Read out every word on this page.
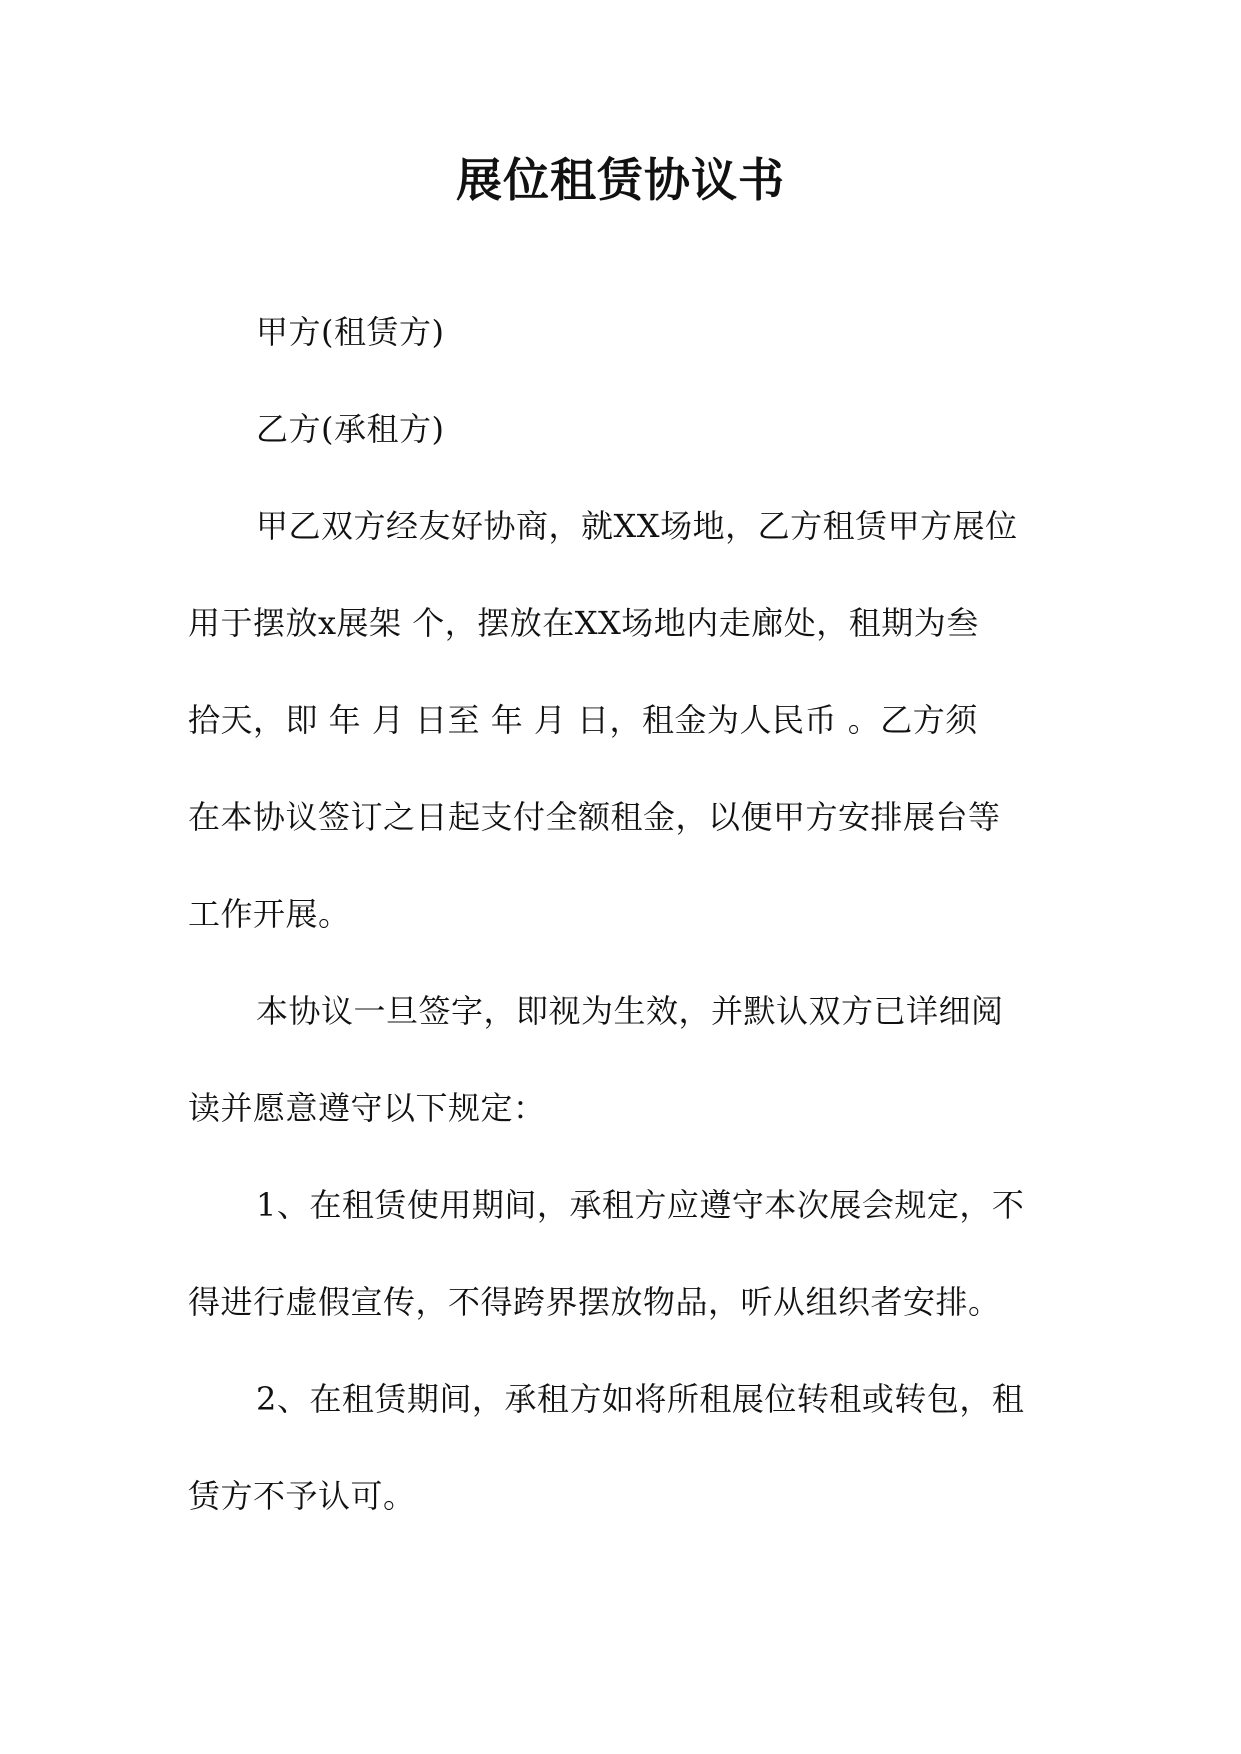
展位租赁协议书
甲方(租赁方)
乙方(承租方)
甲乙双方经友好协商，就XX场地，乙方租赁甲方展位
用于摆放x展架 个，摆放在XX场地内走廊处，租期为叁
拾天，即 年 月 日至 年 月 日，租金为人民币 。乙方须
在本协议签订之日起支付全额租金，以便甲方安排展台等
工作开展。
本协议一旦签字，即视为生效，并默认双方已详细阅
读并愿意遵守以下规定：
1、在租赁使用期间，承租方应遵守本次展会规定，不
得进行虚假宣传，不得跨界摆放物品，听从组织者安排。
2、在租赁期间，承租方如将所租展位转租或转包，租
赁方不予认可。
